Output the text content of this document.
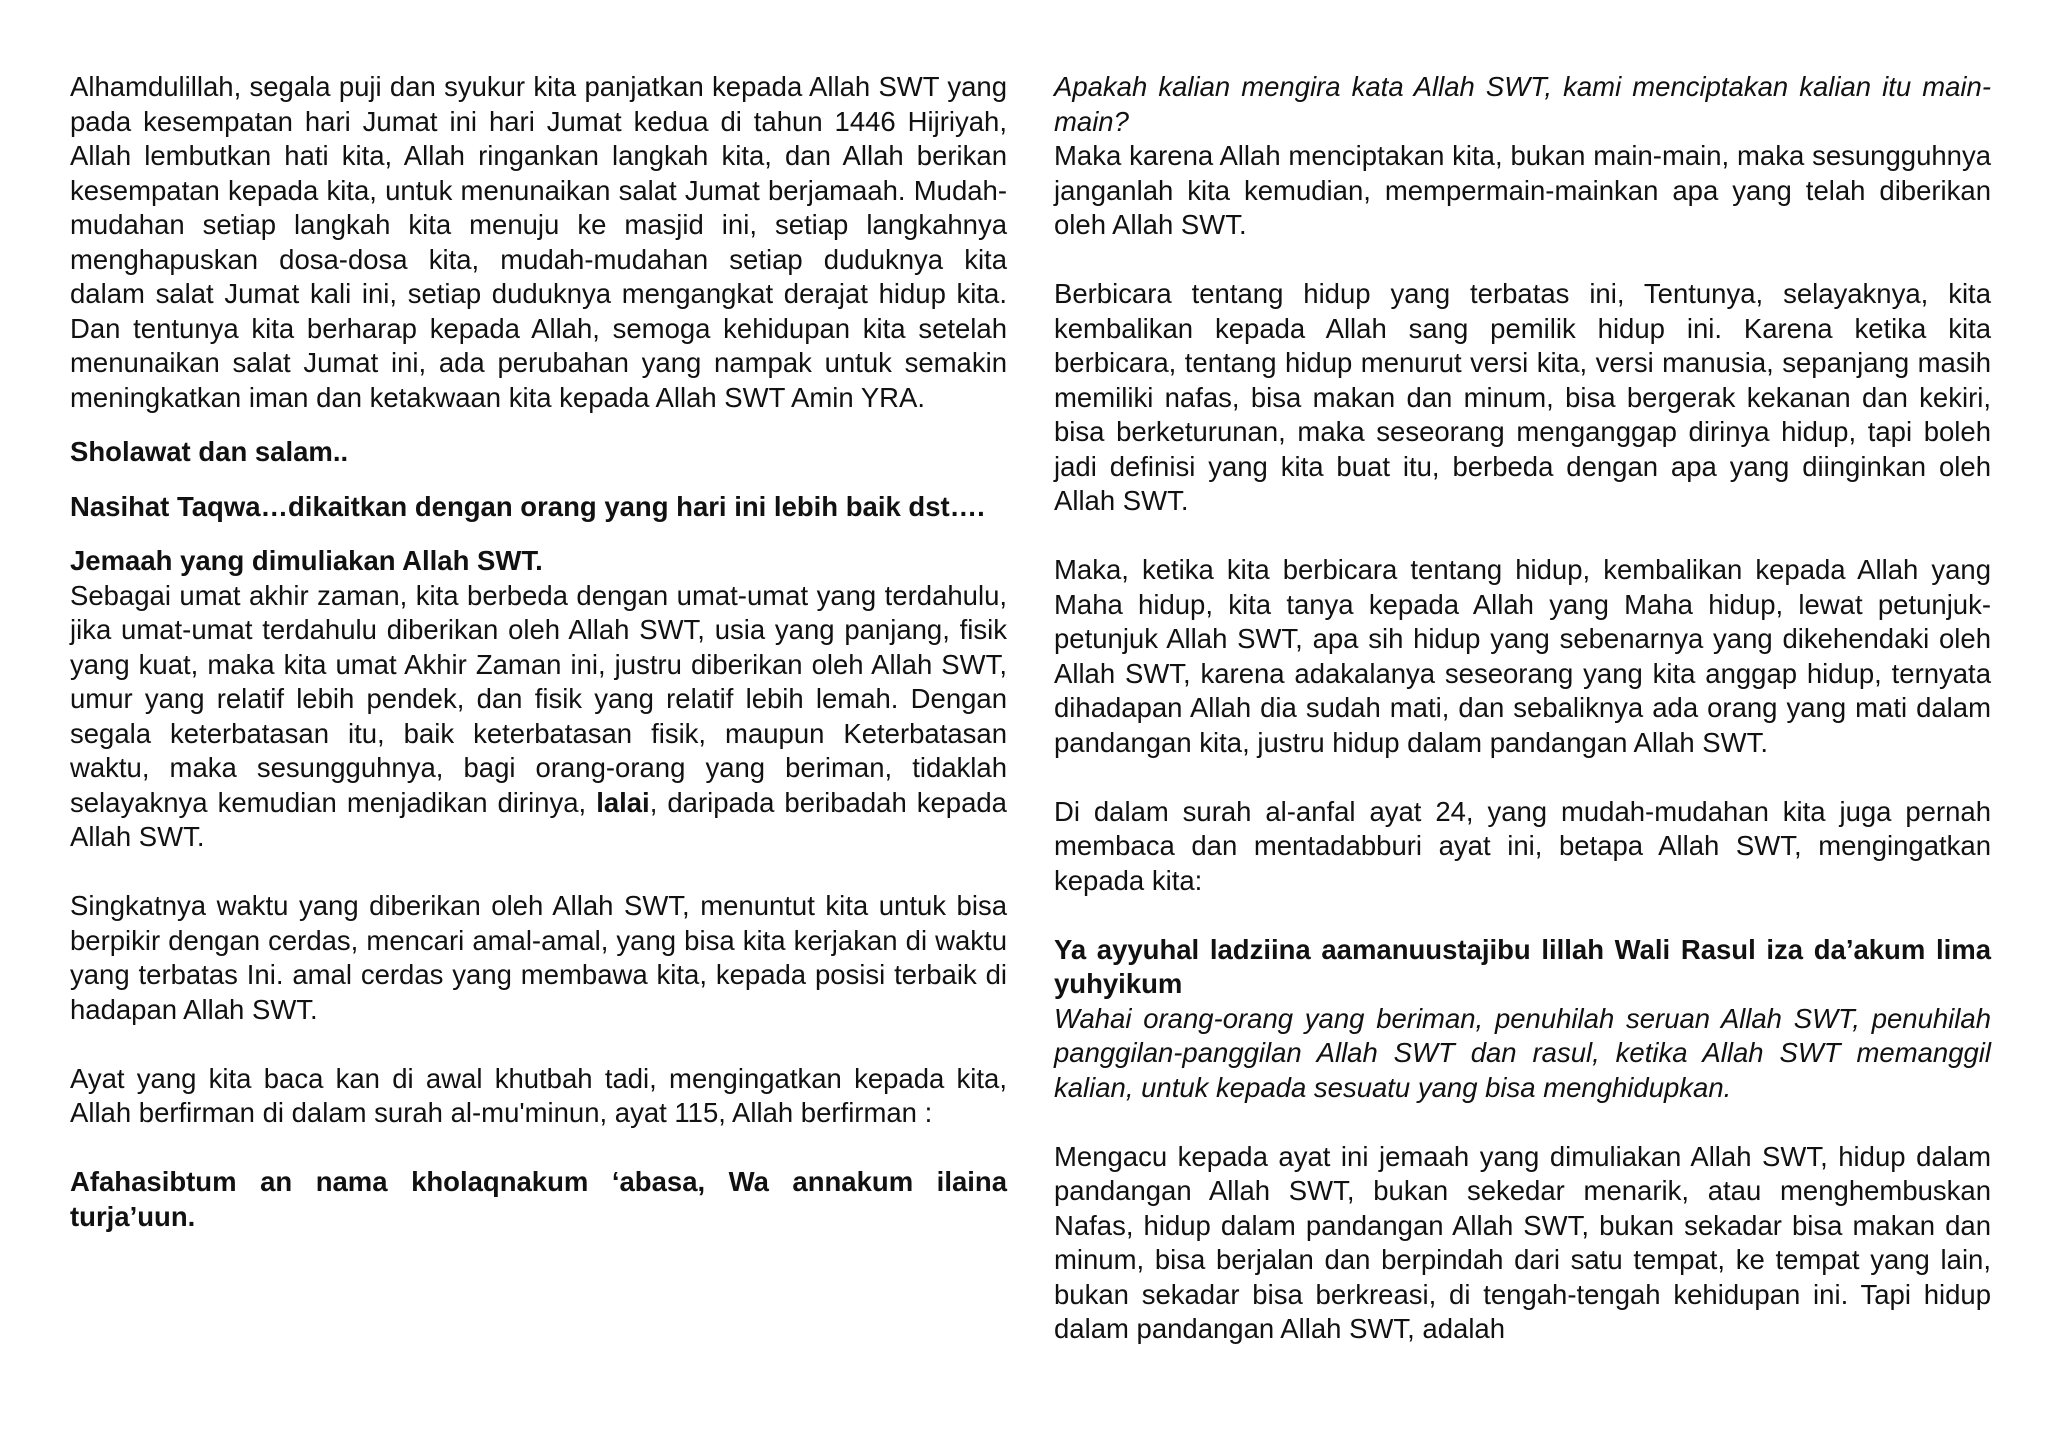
Alhamdulillah, segala puji dan syukur kita panjatkan kepada Allah SWT yang pada kesempatan hari Jumat ini hari Jumat kedua di tahun 1446 Hijriyah, Allah lembutkan hati kita, Allah ringankan langkah kita, dan Allah berikan kesempatan kepada kita, untuk menunaikan salat Jumat berjamaah. Mudah-mudahan setiap langkah kita menuju ke masjid ini, setiap langkahnya menghapuskan dosa-dosa kita, mudah-mudahan setiap duduknya kita dalam salat Jumat kali ini, setiap duduknya mengangkat derajat hidup kita. Dan tentunya kita berharap kepada Allah, semoga kehidupan kita setelah menunaikan salat Jumat ini, ada perubahan yang nampak untuk semakin meningkatkan iman dan ketakwaan kita kepada Allah SWT Amin YRA.

Sholawat dan salam..

Nasihat Taqwa…dikaitkan dengan orang yang hari ini lebih baik dst….

Jemaah yang dimuliakan Allah SWT.

Sebagai umat akhir zaman, kita berbeda dengan umat-umat yang terdahulu, jika umat-umat terdahulu diberikan oleh Allah SWT, usia yang panjang, fisik yang kuat, maka kita umat Akhir Zaman ini, justru diberikan oleh Allah SWT, umur yang relatif lebih pendek, dan fisik yang relatif lebih lemah. Dengan segala keterbatasan itu, baik keterbatasan fisik, maupun Keterbatasan waktu, maka sesungguhnya, bagi orang-orang yang beriman, tidaklah selayaknya kemudian menjadikan dirinya, lalai, daripada beribadah kepada Allah SWT.

Singkatnya waktu yang diberikan oleh Allah SWT, menuntut kita untuk bisa berpikir dengan cerdas, mencari amal-amal, yang bisa kita kerjakan di waktu yang terbatas Ini. amal cerdas yang membawa kita, kepada posisi terbaik di hadapan Allah SWT.

Ayat yang kita baca kan di awal khutbah tadi, mengingatkan kepada kita, Allah berfirman di dalam surah al-mu'minun, ayat 115, Allah berfirman :

Afahasibtum an nama kholaqnakum ‘abasa, Wa annakum ilaina turja’uun.

Apakah kalian mengira kata Allah SWT, kami menciptakan kalian itu main-main?

Maka karena Allah menciptakan kita, bukan main-main, maka sesungguhnya janganlah kita kemudian, mempermain-mainkan apa yang telah diberikan oleh Allah SWT.

Berbicara tentang hidup yang terbatas ini, Tentunya, selayaknya, kita kembalikan kepada Allah sang pemilik hidup ini. Karena ketika kita berbicara, tentang hidup menurut versi kita, versi manusia, sepanjang masih memiliki nafas, bisa makan dan minum, bisa bergerak kekanan dan kekiri, bisa berketurunan, maka seseorang menganggap dirinya hidup, tapi boleh jadi definisi yang kita buat itu, berbeda dengan apa yang diinginkan oleh Allah SWT.

Maka, ketika kita berbicara tentang hidup, kembalikan kepada Allah yang Maha hidup, kita tanya kepada Allah yang Maha hidup, lewat petunjuk-petunjuk Allah SWT, apa sih hidup yang sebenarnya yang dikehendaki oleh Allah SWT, karena adakalanya seseorang yang kita anggap hidup, ternyata dihadapan Allah dia sudah mati, dan sebaliknya ada orang yang mati dalam pandangan kita, justru hidup dalam pandangan Allah SWT.

Di dalam surah al-anfal ayat 24, yang mudah-mudahan kita juga pernah membaca dan mentadabburi ayat ini, betapa Allah SWT, mengingatkan kepada kita:

Ya ayyuhal ladziina aamanuustajibu lillah Wali Rasul iza da’akum lima yuhyikum

Wahai orang-orang yang beriman, penuhilah seruan Allah SWT, penuhilah panggilan-panggilan Allah SWT dan rasul, ketika Allah SWT memanggil kalian, untuk kepada sesuatu yang bisa menghidupkan.

Mengacu kepada ayat ini jemaah yang dimuliakan Allah SWT, hidup dalam pandangan Allah SWT, bukan sekedar menarik, atau menghembuskan Nafas, hidup dalam pandangan Allah SWT, bukan sekadar bisa makan dan minum, bisa berjalan dan berpindah dari satu tempat, ke tempat yang lain, bukan sekadar bisa berkreasi, di tengah-tengah kehidupan ini. Tapi hidup dalam pandangan Allah SWT, adalah
